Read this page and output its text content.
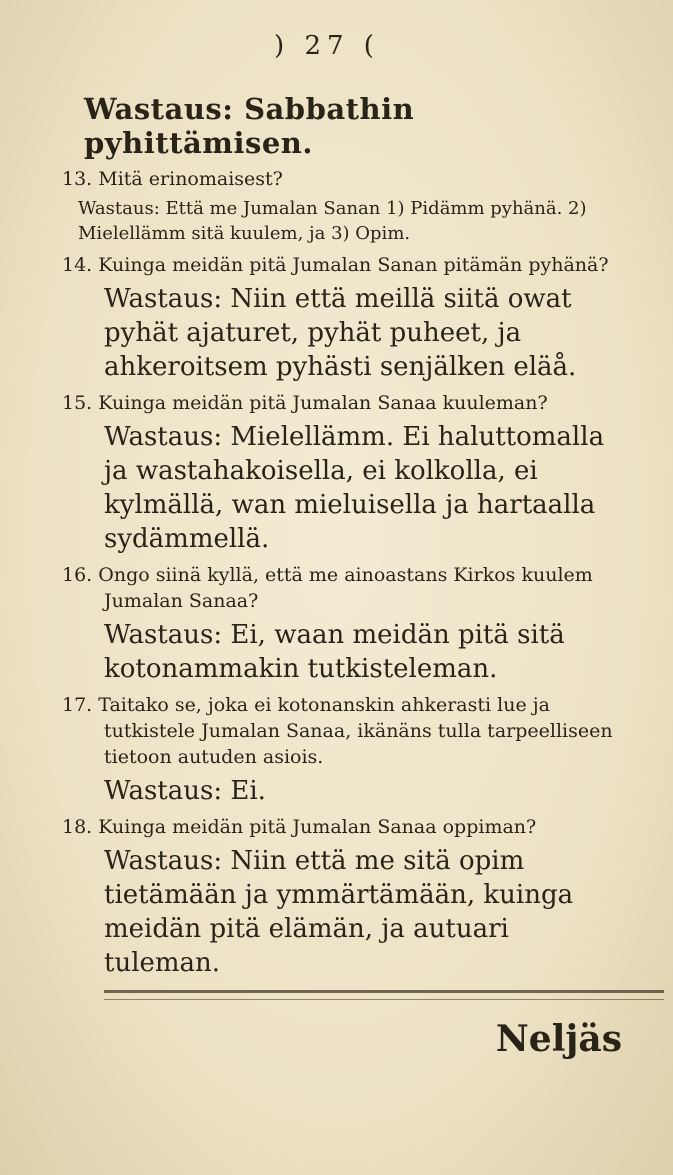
) 27 (
Wastaus: Sabbathin pyhittämisen.
13. Mitä erinomaisest?
Wastaus: Että me Jumalan Sanan 1) Pidämm pyhänä. 2) Mielellämm sitä kuulem, ja 3) Opim.
14. Kuinga meidän pitä Jumalan Sanan pitämän pyhänä?
Wastaus: Niin että meillä siitä owat pyhät ajaturet, pyhät puheet, ja ahkeroitsem pyhästi senjälken eläå.
15. Kuinga meidän pitä Jumalan Sanaa kuuleman?
Wastaus: Mielellämm. Ei haluttomalla ja wastahakoisella, ei kolkolla, ei kylmällä, wan mieluisella ja hartaalla sydämmellä.
16. Ongo siinä kyllä, että me ainoastans Kirkos kuulem Jumalan Sanaa?
Wastaus: Ei, waan meidän pitä sitä kotonammakin tutkisteleman.
17. Taitako se, joka ei kotonanskin ahkerasti lue ja tutkistele Jumalan Sanaa, ikänäns tulla tarpeelliseen tietoon autuden asiois.
Wastaus: Ei.
18. Kuinga meidän pitä Jumalan Sanaa oppiman?
Wastaus: Niin että me sitä opim tietämään ja ymmärtämään, kuinga meidän pitä elämän, ja autuari tuleman.
Neljäs
